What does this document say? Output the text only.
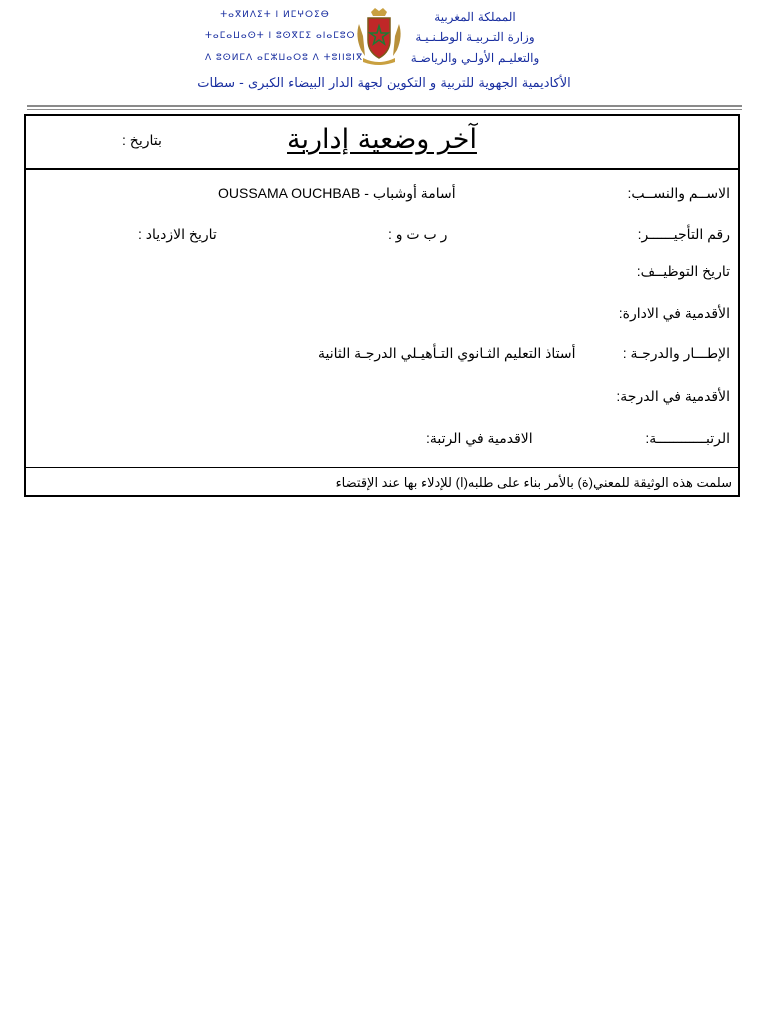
ⵜⴰⴳⵍⴷⵉⵜ ⵏ ⵍⵎⵖⵔⵉⴱ
ⵜⴰⵎⴰⵡⴰⵙⵜ ⵏ ⵓⵙⴳⵎⵉ ⴰⵏⴰⵎⵓⵔ
ⴷ ⵓⵙⵍⵎⴷ ⴰⵎⵣⵡⴰⵔⵓ ⴷ ⵜⵓⵏⵏⵓⵏⴳ
المملكة المغربية
وزارة التـربيـة الوطـنـيـة
والتعليـم الأولـي والرياضـة
الأكاديمية الجهوية للتربية و التكوين لجهة الدار البيضاء الكبرى - سطات
آخر وضعية إدارية
بتاريخ :
الاســم والنســب:
أسامة أوشباب - OUSSAMA OUCHBAB
رقم التأجيــــــر:
ر ب ت و :
تاريخ الازدياد :
تاريخ التوظيــف:
الأقدمية في الادارة:
الإطـــار والدرجـة :
أستاذ التعليم الثـانوي التـأهيـلي الدرجـة الثانية
الأقدمية في الدرجة:
الرتبــــــــــــة:
الاقدمية في الرتبة:
سلمت هذه الوثيقة للمعني(ة) بالأمر بناء على طلبه(ا) للإدلاء بها عند الإقتضاء
